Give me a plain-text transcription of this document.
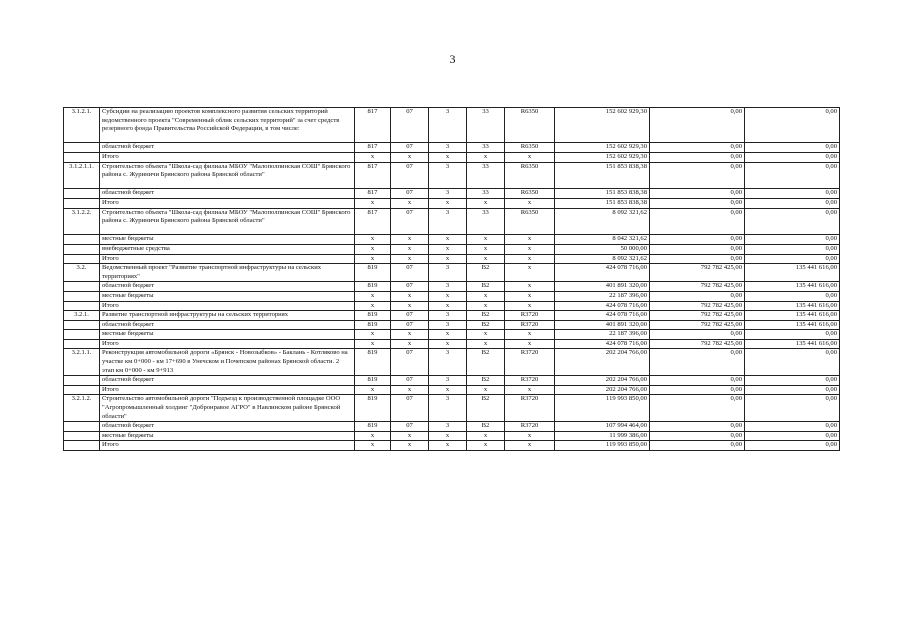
3
3.1.2.1.	Субсидии на реализацию проектов комплексного развития сельских территорий ведомственного проекта "Современный облик сельских территорий" за счет средств резервного фонда Правительства Российской Федерации, в том числе:	817	07	3	33	R6350	152 602 929,30	0,00	0,00
	областной бюджет	817	07	3	33	R6350	152 602 929,30	0,00	0,00
	Итого	x	x	x	x	x	152 602 929,30	0,00	0,00
3.1.2.1.1.	Строительство объекта "Школа-сад филиала МБОУ "Малополпинская СОШ" Брянского района с. Журиничи Брянского района Брянской области"	817	07	3	33	R6350	151 853 838,38	0,00	0,00
	областной бюджет	817	07	3	33	R6350	151 853 838,38	0,00	0,00
	Итого	x	x	x	x	x	151 853 838,38	0,00	0,00
3.1.2.2.	Строительство объекта "Школа-сад филиала МБОУ "Малополпинская СОШ" Брянского района с. Журиничи Брянского района Брянской области"	817	07	3	33	R6350	8 092 321,62	0,00	0,00
	местные бюджеты	x	x	x	x	x	8 042 321,62	0,00	0,00
	внебюджетные средства	x	x	x	x	x	50 000,00	0,00	0,00
	Итого	x	x	x	x	x	8 092 321,62	0,00	0,00
3.2.	Ведомственный проект "Развитие транспортной инфраструктуры на сельских территориях"	819	07	3	В2	x	424 078 716,00	792 782 425,00	135 441 616,00
	областной бюджет	819	07	3	В2	x	401 891 320,00	792 782 425,00	135 441 616,00
	местные бюджеты	x	x	x	x	x	22 187 396,00	0,00	0,00
	Итого	x	x	x	x	x	424 078 716,00	792 782 425,00	135 441 616,00
3.2.1.	Развитие транспортной инфраструктуры на сельских территориях	819	07	3	В2	R3720	424 078 716,00	792 782 425,00	135 441 616,00
	областной бюджет	819	07	3	В2	R3720	401 891 320,00	792 782 425,00	135 441 616,00
	местные бюджеты	x	x	x	x	x	22 187 396,00	0,00	0,00
	Итого	x	x	x	x	x	424 078 716,00	792 782 425,00	135 441 616,00
3.2.1.1.	Реконструкция автомобильной дороги «Брянск - Новозыбков» - Баклань - Котляково на участке км 0+000 - км 17+690 в Унечском и Почепском районах Брянской области. 2 этап км 0+000 - км 9+913	819	07	3	В2	R3720	202 204 766,00	0,00	0,00
	областной бюджет	819	07	3	В2	R3720	202 204 766,00	0,00	0,00
	Итого	x	x	x	x	x	202 204 766,00	0,00	0,00
3.2.1.2.	Строительство автомобильной дороги "Подъезд к производственной площадке ООО "Агропромышленный холдинг "Добронравое АГРО" в Навлинском районе Брянской области"	819	07	3	В2	R3720	119 993 850,00	0,00	0,00
	областной бюджет	819	07	3	В2	R3720	107 994 464,00	0,00	0,00
	местные бюджеты	x	x	x	x	x	11 999 386,00	0,00	0,00
	Итого	x	x	x	x	x	119 993 850,00	0,00	0,00
